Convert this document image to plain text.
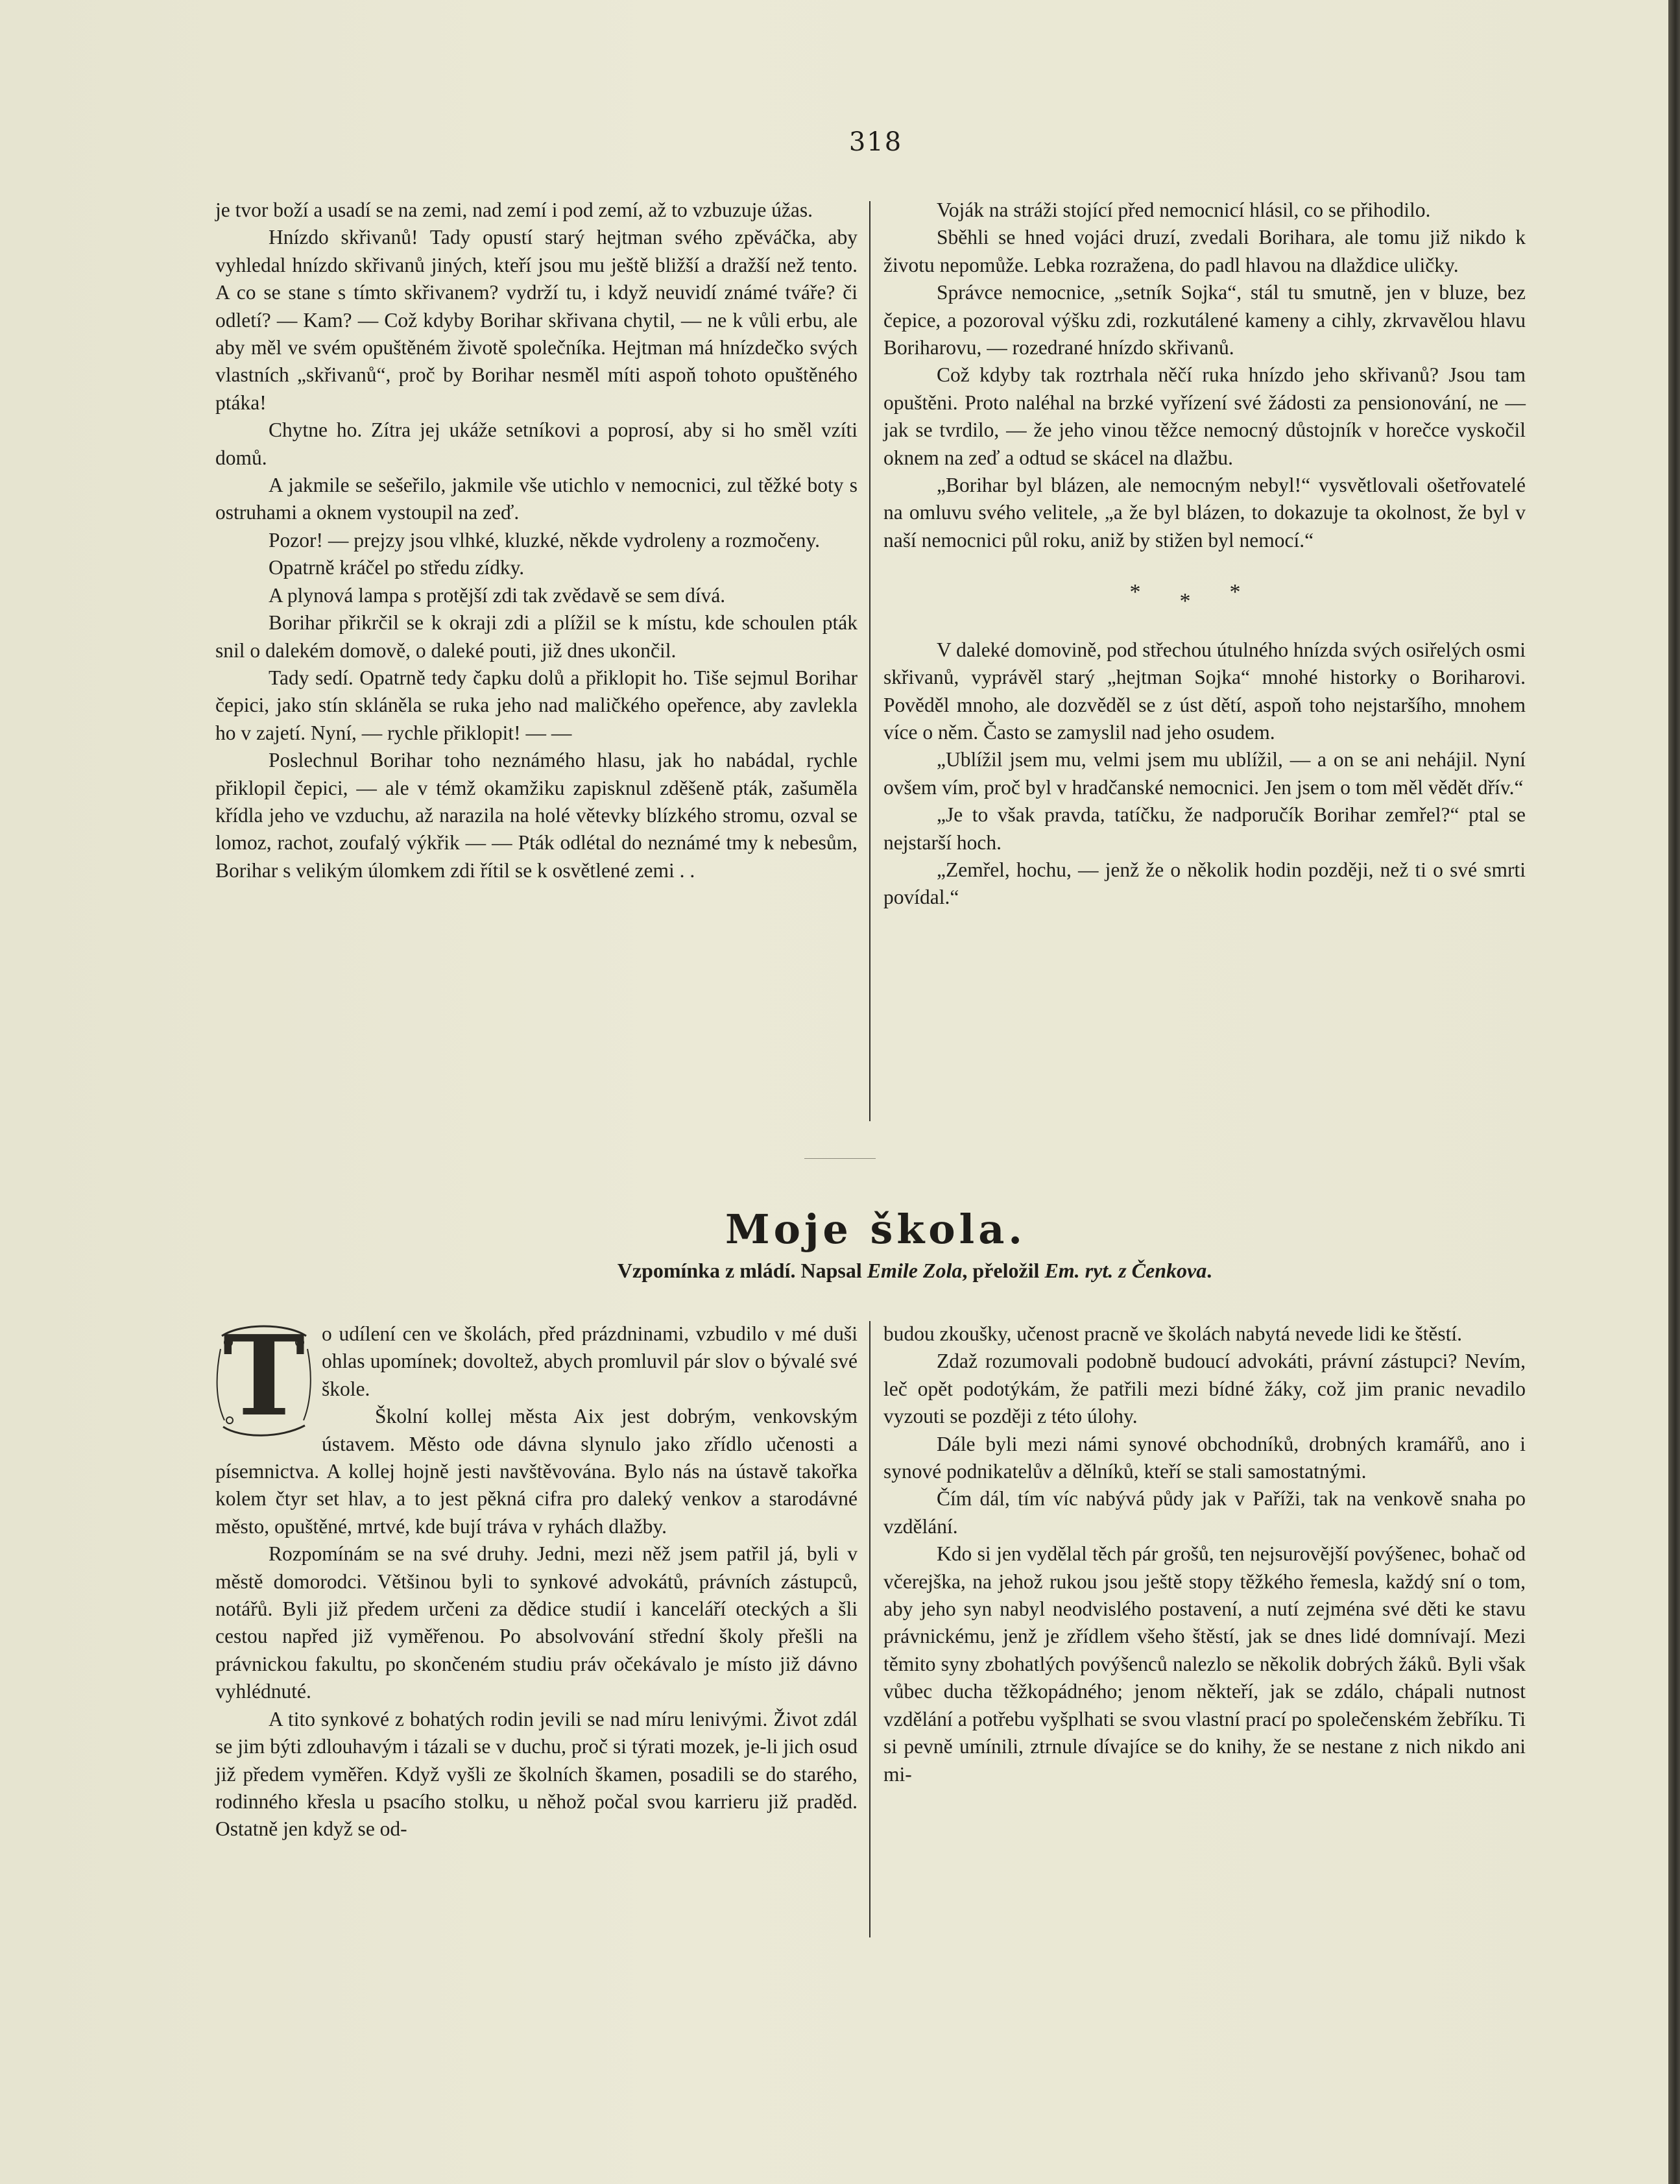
318

je tvor boží a usadí se na zemi, nad zemí i pod zemí, až to vzbuzuje úžas.

Hnízdo skřivanů! Tady opustí starý hejtman svého zpěváčka, aby vyhledal hnízdo skřivanů jiných, kteří jsou mu ještě bližší a dražší než tento. A co se stane s tímto skřivanem? vydrží tu, i když neuvidí známé tváře? či odletí? — Kam? — Což kdyby Borihar skřivana chytil, — ne k vůli erbu, ale aby měl ve svém opuštěném životě společníka. Hejtman má hnízdečko svých vlastních „skřivanů“, proč by Borihar nesměl míti aspoň tohoto opuštěného ptáka!

Chytne ho. Zítra jej ukáže setníkovi a poprosí, aby si ho směl vzíti domů.

A jakmile se sešeřilo, jakmile vše utichlo v nemocnici, zul těžké boty s ostruhami a oknem vystoupil na zeď.

Pozor! — prejzy jsou vlhké, kluzké, někde vydroleny a rozmočeny.

Opatrně kráčel po středu zídky.

A plynová lampa s protější zdi tak zvědavě se sem dívá.

Borihar přikrčil se k okraji zdi a plížil se k místu, kde schoulen pták snil o dalekém domově, o daleké pouti, již dnes ukončil.

Tady sedí. Opatrně tedy čapku dolů a přiklopit ho. Tiše sejmul Borihar čepici, jako stín skláněla se ruka jeho nad maličkého opeřence, aby zavlekla ho v zajetí. Nyní, — rychle přiklopit! — —

Poslechnul Borihar toho neznámého hlasu, jak ho nabádal, rychle přiklopil čepici, — ale v témž okamžiku zapisknul zděšeně pták, zašuměla křídla jeho ve vzduchu, až narazila na holé větevky blízkého stromu, ozval se lomoz, rachot, zoufalý výkřik — — Pták odlétal do neznámé tmy k nebesům, Borihar s velikým úlomkem zdi řítil se k osvětlené zemi . .

Voják na stráži stojící před nemocnicí hlásil, co se přihodilo.

Sběhli se hned vojáci druzí, zvedali Borihara, ale tomu již nikdo k životu nepomůže. Lebka rozražena, do padl hlavou na dlaždice uličky.

Správce nemocnice, „setník Sojka“, stál tu smutně, jen v bluze, bez čepice, a pozoroval výšku zdi, rozkutálené kameny a cihly, zkrvavělou hlavu Boriharovu, — rozedrané hnízdo skřivanů.

Což kdyby tak roztrhala něčí ruka hnízdo jeho skřivanů? Jsou tam opuštěni. Proto naléhal na brzké vyřízení své žádosti za pensionování, ne — jak se tvrdilo, — že jeho vinou těžce nemocný důstojník v horečce vyskočil oknem na zeď a odtud se skácel na dlažbu.

„Borihar byl blázen, ale nemocným nebyl!“ vysvětlovali ošetřovatelé na omluvu svého velitele, „a že byl blázen, to dokazuje ta okolnost, že byl v naší nemocnici půl roku, aniž by stižen byl nemocí.“

***

V daleké domovině, pod střechou útulného hnízda svých osiřelých osmi skřivanů, vyprávěl starý „hejtman Sojka“ mnohé historky o Boriharovi. Pověděl mnoho, ale dozvěděl se z úst dětí, aspoň toho nejstaršího, mnohem více o něm. Často se zamyslil nad jeho osudem.

„Ublížil jsem mu, velmi jsem mu ublížil, — a on se ani nehájil. Nyní ovšem vím, proč byl v hradčanské nemocnici. Jen jsem o tom měl vědět dřív.“

„Je to však pravda, tatíčku, že nadporučík Borihar zemřel?“ ptal se nejstarší hoch.

„Zemřel, hochu, — jenž že o několik hodin později, než ti o své smrti povídal.“

Moje škola.
Vzpomínka z mládí. Napsal Emile Zola, přeložil Em. ryt. z Čenkova.

T o udílení cen ve školách, před prázdninami, vzbudilo v mé duši ohlas upomínek; dovoltež, abych promluvil pár slov o bývalé své škole.

Školní kollej města Aix jest dobrým, venkovským ústavem. Město ode dávna slynulo jako zřídlo učenosti a písemnictva. A kollej hojně jesti navštěvována. Bylo nás na ústavě takořka kolem čtyr set hlav, a to jest pěkná cifra pro daleký venkov a starodávné město, opuštěné, mrtvé, kde bují tráva v ryhách dlažby.

Rozpomínám se na své druhy. Jedni, mezi něž jsem patřil já, byli v městě domorodci. Většinou byli to synkové advokátů, právních zástupců, notářů. Byli již předem určeni za dědice studií i kanceláří oteckých a šli cestou napřed již vyměřenou. Po absolvování střední školy přešli na právnickou fakultu, po skončeném studiu práv očekávalo je místo již dávno vyhlédnuté.

A tito synkové z bohatých rodin jevili se nad míru lenivými. Život zdál se jim býti zdlouhavým i tázali se v duchu, proč si týrati mozek, je-li jich osud již předem vyměřen. Když vyšli ze školních škamen, posadili se do starého, rodinného křesla u psacího stolku, u něhož počal svou karrieru již praděd. Ostatně jen když se od-

budou zkoušky, učenost pracně ve školách nabytá nevede lidi ke štěstí.

Zdaž rozumovali podobně budoucí advokáti, právní zástupci? Nevím, leč opět podotýkám, že patřili mezi bídné žáky, což jim pranic nevadilo vyzouti se později z této úlohy.

Dále byli mezi námi synové obchodníků, drobných kramářů, ano i synové podnikatelův a dělníků, kteří se stali samostatnými.

Čím dál, tím víc nabývá půdy jak v Paříži, tak na venkově snaha po vzdělání.

Kdo si jen vydělal těch pár grošů, ten nejsurovější povýšenec, bohač od včerejška, na jehož rukou jsou ještě stopy těžkého řemesla, každý sní o tom, aby jeho syn nabyl neodvislého postavení, a nutí zejména své děti ke stavu právnickému, jenž je zřídlem všeho štěstí, jak se dnes lidé domnívají. Mezi těmito syny zbohatlých povýšenců nalezlo se několik dobrých žáků. Byli však vůbec ducha těžkopádného; jenom někteří, jak se zdálo, chápali nutnost vzdělání a potřebu vyšplhati se svou vlastní prací po společenském žebříku. Ti si pevně umínili, ztrnule dívajíce se do knihy, že se nestane z nich nikdo ani mi-
